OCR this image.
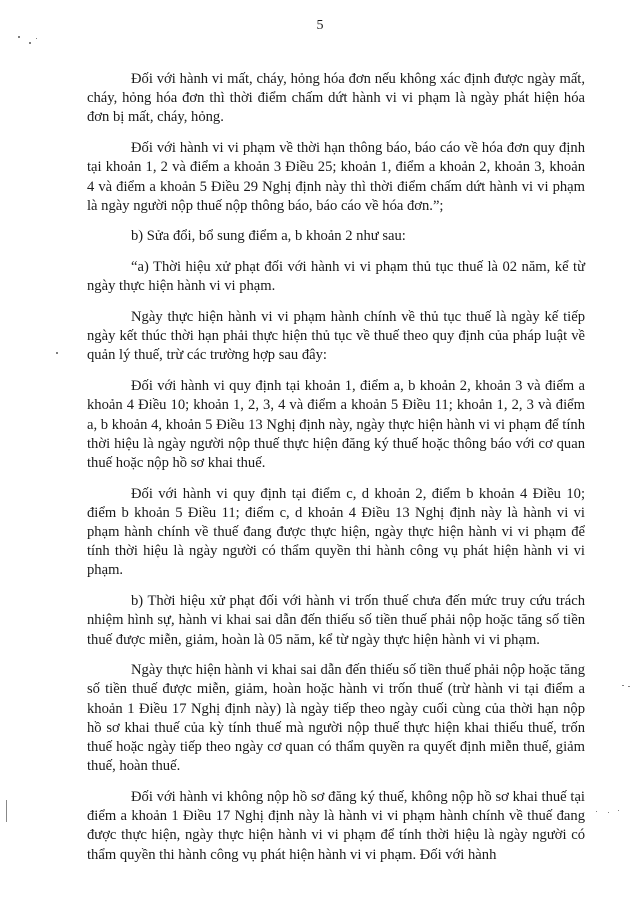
5

Đối với hành vi mất, cháy, hỏng hóa đơn nếu không xác định được ngày mất, cháy, hỏng hóa đơn thì thời điểm chấm dứt hành vi vi phạm là ngày phát hiện hóa đơn bị mất, cháy, hỏng.

Đối với hành vi vi phạm về thời hạn thông báo, báo cáo về hóa đơn quy định tại khoản 1, 2 và điểm a khoản 3 Điều 25; khoản 1, điểm a khoản 2, khoản 3, khoản 4 và điểm a khoản 5 Điều 29 Nghị định này thì thời điểm chấm dứt hành vi vi phạm là ngày người nộp thuế nộp thông báo, báo cáo về hóa đơn.”;

b) Sửa đổi, bổ sung điểm a, b khoản 2 như sau:

“a) Thời hiệu xử phạt đối với hành vi vi phạm thủ tục thuế là 02 năm, kể từ ngày thực hiện hành vi vi phạm.

Ngày thực hiện hành vi vi phạm hành chính về thủ tục thuế là ngày kế tiếp ngày kết thúc thời hạn phải thực hiện thủ tục về thuế theo quy định của pháp luật về quản lý thuế, trừ các trường hợp sau đây:

Đối với hành vi quy định tại khoản 1, điểm a, b khoản 2, khoản 3 và điểm a khoản 4 Điều 10; khoản 1, 2, 3, 4 và điểm a khoản 5 Điều 11; khoản 1, 2, 3 và điểm a, b khoản 4, khoản 5 Điều 13 Nghị định này, ngày thực hiện hành vi vi phạm để tính thời hiệu là ngày người nộp thuế thực hiện đăng ký thuế hoặc thông báo với cơ quan thuế hoặc nộp hồ sơ khai thuế.

Đối với hành vi quy định tại điểm c, d khoản 2, điểm b khoản 4 Điều 10; điểm b khoản 5 Điều 11; điểm c, d khoản 4 Điều 13 Nghị định này là hành vi vi phạm hành chính về thuế đang được thực hiện, ngày thực hiện hành vi vi phạm để tính thời hiệu là ngày người có thẩm quyền thi hành công vụ phát hiện hành vi vi phạm.

b) Thời hiệu xử phạt đối với hành vi trốn thuế chưa đến mức truy cứu trách nhiệm hình sự, hành vi khai sai dẫn đến thiếu số tiền thuế phải nộp hoặc tăng số tiền thuế được miễn, giảm, hoàn là 05 năm, kể từ ngày thực hiện hành vi vi phạm.

Ngày thực hiện hành vi khai sai dẫn đến thiếu số tiền thuế phải nộp hoặc tăng số tiền thuế được miễn, giảm, hoàn hoặc hành vi trốn thuế (trừ hành vi tại điểm a khoản 1 Điều 17 Nghị định này) là ngày tiếp theo ngày cuối cùng của thời hạn nộp hồ sơ khai thuế của kỳ tính thuế mà người nộp thuế thực hiện khai thiếu thuế, trốn thuế hoặc ngày tiếp theo ngày cơ quan có thẩm quyền ra quyết định miễn thuế, giảm thuế, hoàn thuế.

Đối với hành vi không nộp hồ sơ đăng ký thuế, không nộp hồ sơ khai thuế tại điểm a khoản 1 Điều 17 Nghị định này là hành vi vi phạm hành chính về thuế đang được thực hiện, ngày thực hiện hành vi vi phạm để tính thời hiệu là ngày người có thẩm quyền thi hành công vụ phát hiện hành vi vi phạm. Đối với hành
